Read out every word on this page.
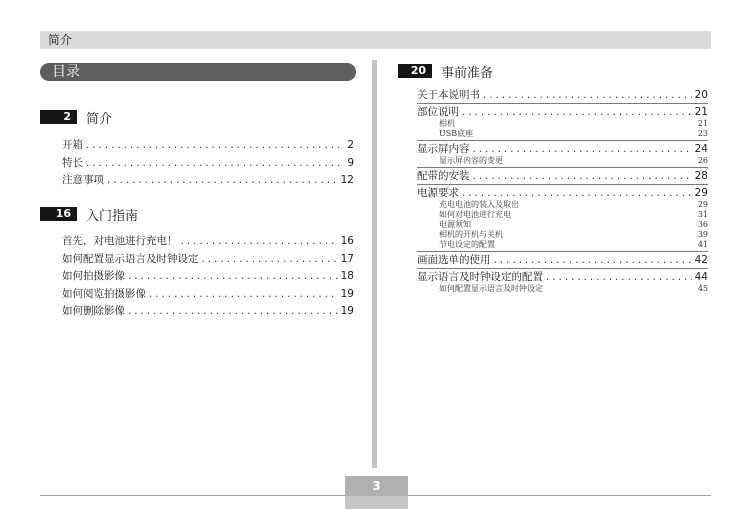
简介
目录
2	简介
开箱 . . .	2
特长 . . .	9
注意事项 . . .	12
16	入门指南
首先，对电池进行充电！ . . .	16
如何配置显示语言及时钟设定 . . .	17
如何拍摄影像 . . .	18
如何阅览拍摄影像 . . .	19
如何删除影像 . . .	19
20	事前准备
关于本说明书 . . .	20
部位说明 . . .	21
相机	21
USB底座	23
显示屏内容 . . .	24
显示屏内容的变更	26
配带的安装 . . .	28
电源要求 . . .	29
充电电池的装入及取出	29
如何对电池进行充电	31
电源须知	36
相机的开机与关机	39
节电设定的配置	41
画面选单的使用 . . .	42
显示语言及时钟设定的配置 . . .	44
如何配置显示语言及时钟设定	45
3
